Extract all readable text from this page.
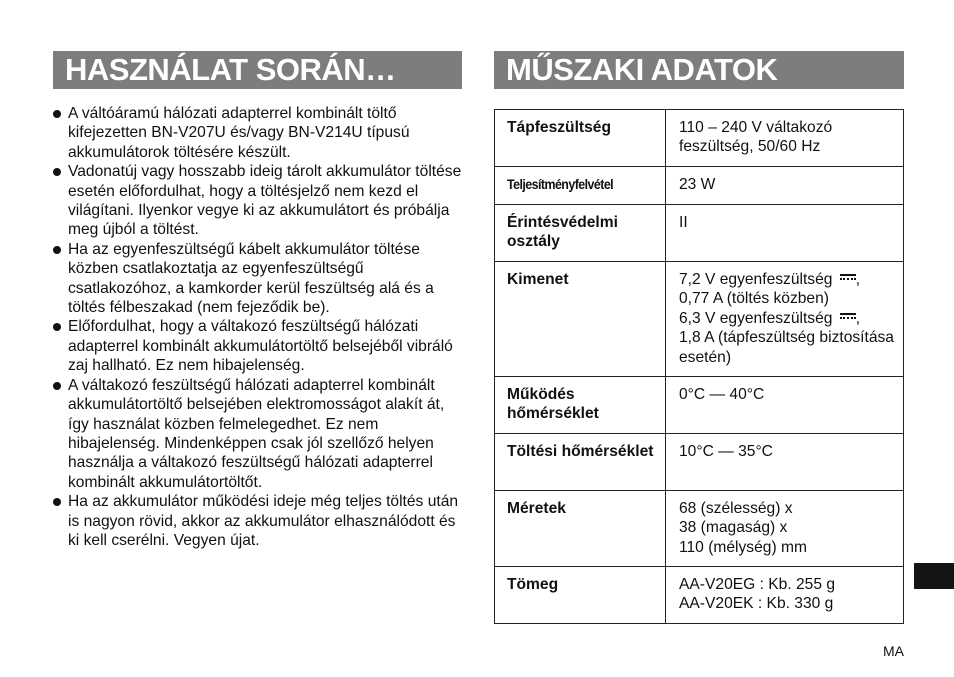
HASZNÁLAT SORÁN…
A váltóáramú hálózati adapterrel kombinált töltő kifejezetten BN-V207U és/vagy BN-V214U típusú akkumulátorok töltésére készült.
Vadonatúj vagy hosszabb ideig tárolt akkumulátor töltése esetén előfordulhat, hogy a töltésjelző nem kezd el világítani. Ilyenkor vegye ki az akkumulátort és próbálja meg újból a töltést.
Ha az egyenfeszültségű kábelt akkumulátor töltése közben csatlakoztatja az egyenfeszültségű csatlakozóhoz, a kamkorder kerül feszültség alá és a töltés félbeszakad (nem fejeződik be).
Előfordulhat, hogy a váltakozó feszültségű hálózati adapterrel kombinált akkumulátortöltő belsejéből vibráló zaj hallható. Ez nem hibajelenség.
A váltakozó feszültségű hálózati adapterrel kombinált akkumulátortöltő belsejében elektromosságot alakít át, így használat közben felmelegedhet. Ez nem hibajelenség. Mindenképpen csak jól szellőző helyen használja a váltakozó feszültségű hálózati adapterrel kombinált akkumulátortöltőt.
Ha az akkumulátor működési ideje még teljes töltés után is nagyon rövid, akkor az akkumulátor elhasználódott és ki kell cserélni. Vegyen újat.
MŰSZAKI ADATOK
Tápfeszültség	110 – 240 V váltakozó feszültség, 50/60 Hz
Teljesítményfelvétel	23 W
Érintésvédelmi osztály	II
Kimenet	7,2 V egyenfeszültség ,
0,77 A (töltés közben)
6,3 V egyenfeszültség ,
1,8 A (tápfeszültség biztosítása esetén)

Működés hőmérséklet	0°C — 40°C
Töltési hőmérséklet	10°C — 35°C
Méretek	68 (szélesség) x
38 (magaság) x
110 (mélység) mm

Tömeg	AA-V20EG : Kb. 255 g
AA-V20EK : Kb. 330 g
MA
